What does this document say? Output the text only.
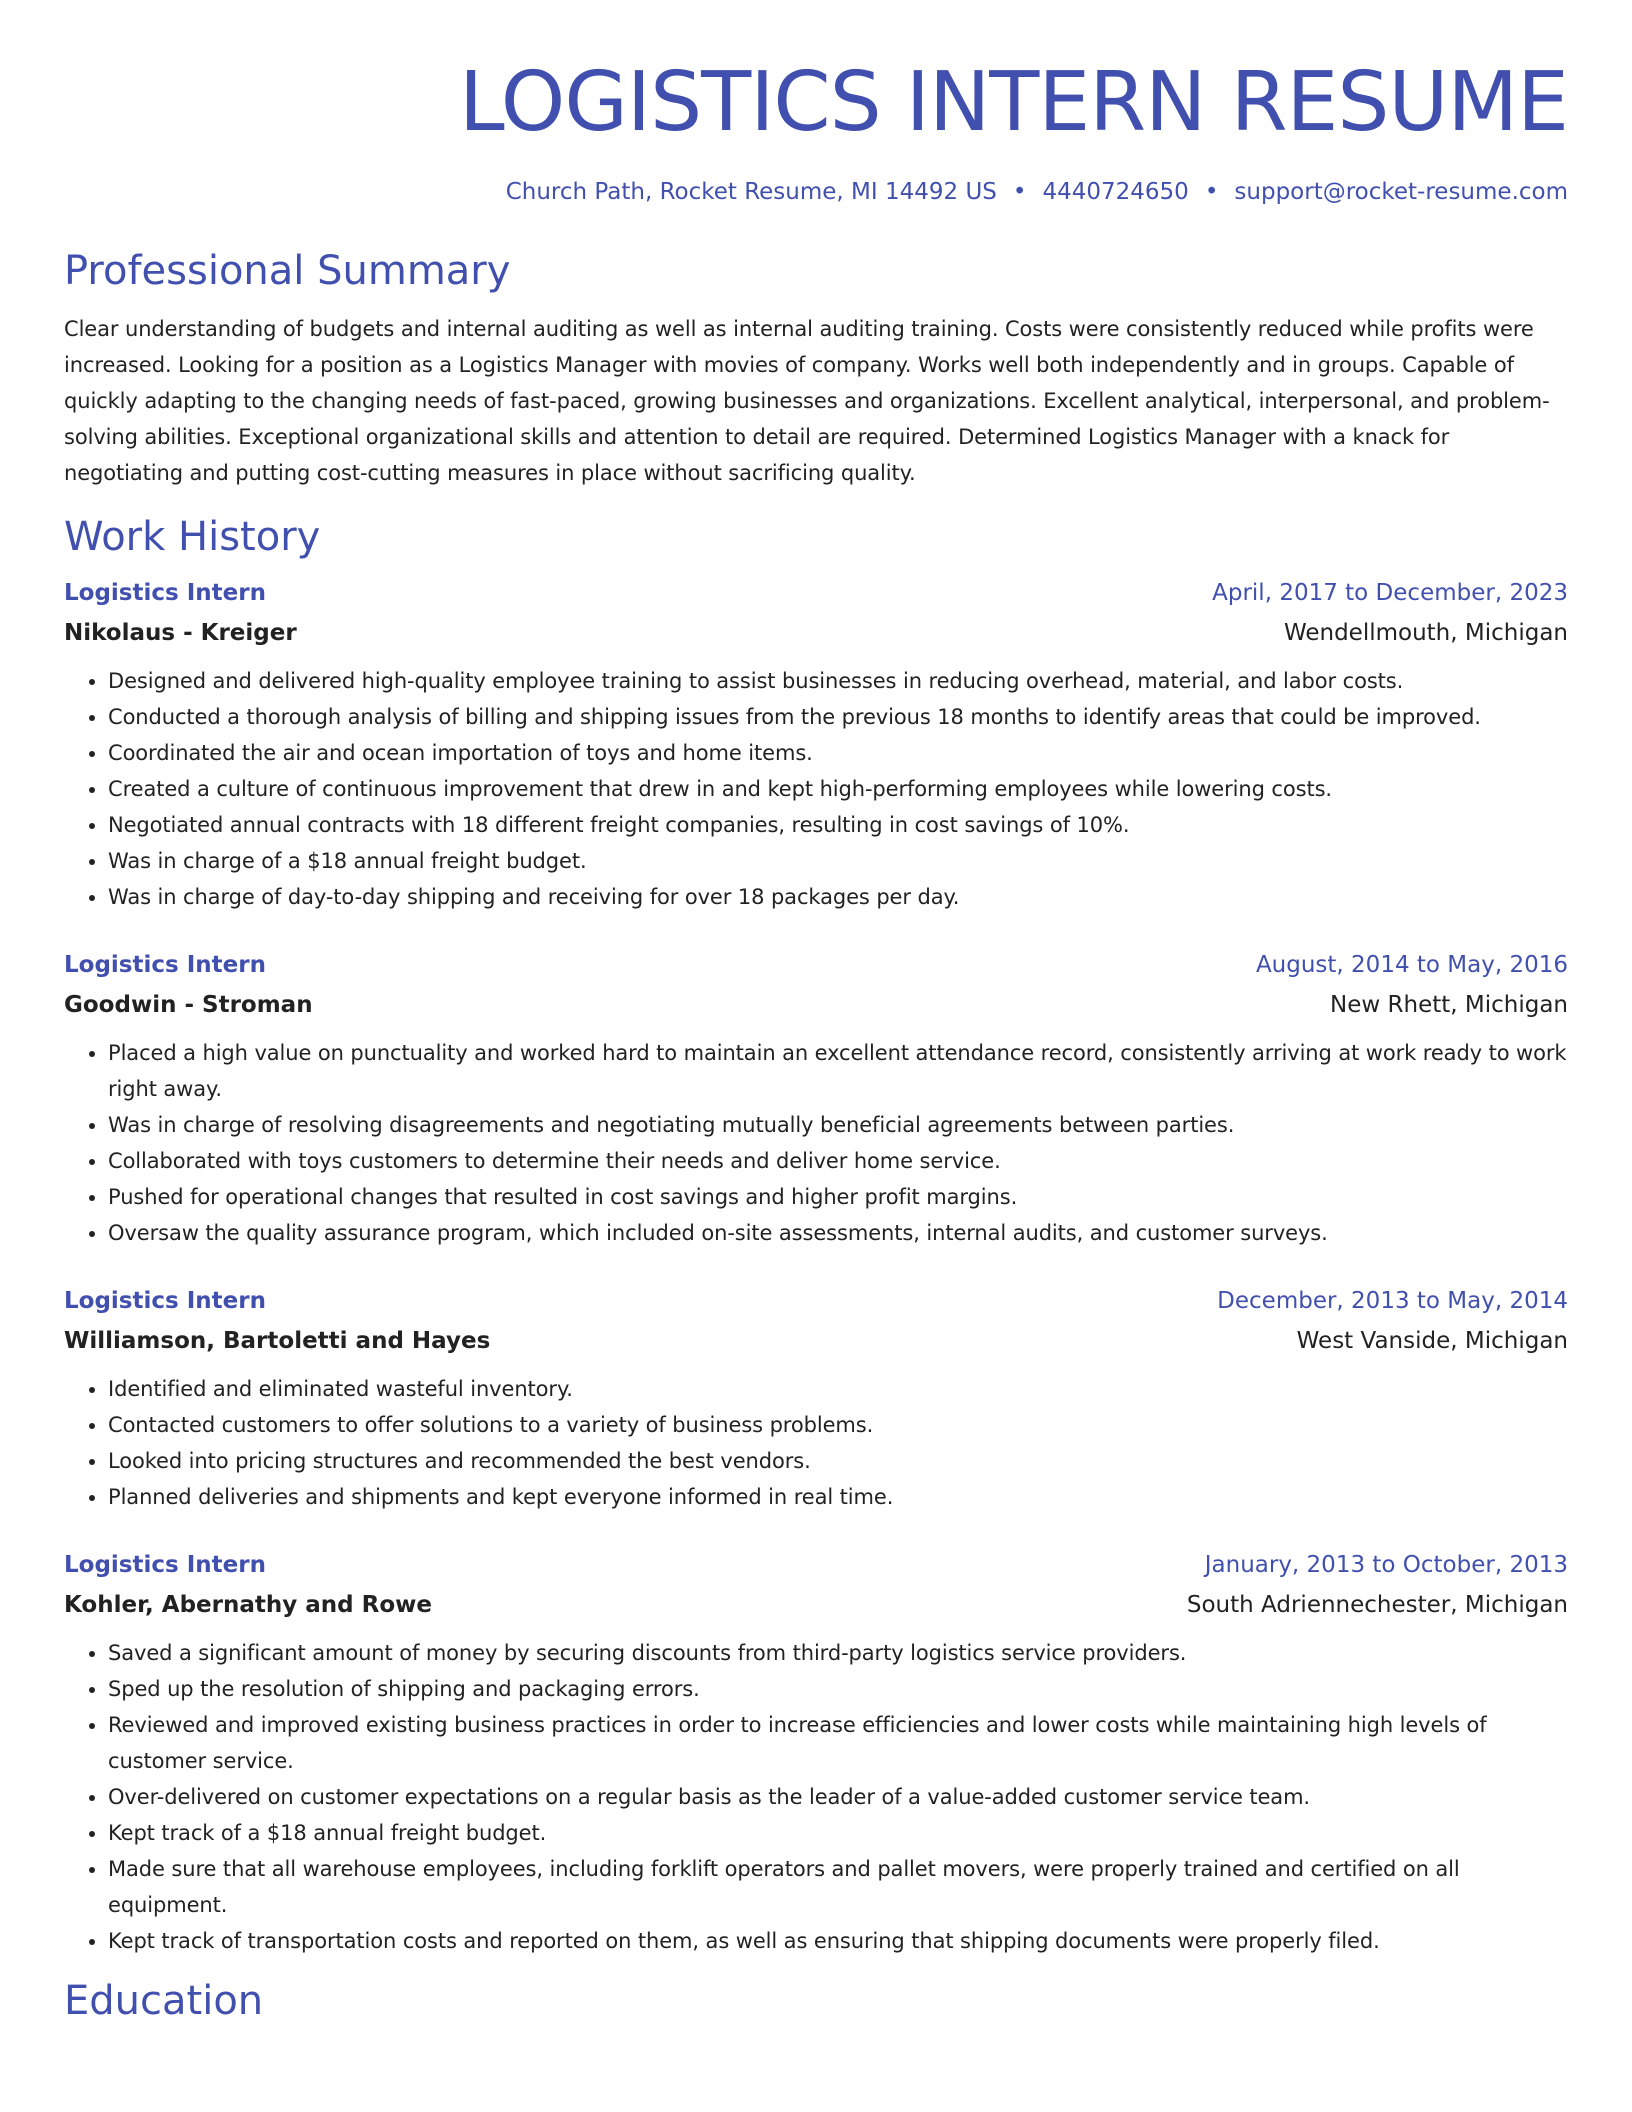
LOGISTICS INTERN RESUME
Church Path, Rocket Resume, MI 14492 US • 4440724650 • support@rocket-resume.com
Professional Summary
Clear understanding of budgets and internal auditing as well as internal auditing training. Costs were consistently reduced while profits were increased. Looking for a position as a Logistics Manager with movies of company. Works well both independently and in groups. Capable of quickly adapting to the changing needs of fast-paced, growing businesses and organizations. Excellent analytical, interpersonal, and problem-solving abilities. Exceptional organizational skills and attention to detail are required. Determined Logistics Manager with a knack for negotiating and putting cost-cutting measures in place without sacrificing quality.
Work History
Logistics Intern	April, 2017 to December, 2023
Nikolaus - Kreiger	Wendellmouth, Michigan
• Designed and delivered high-quality employee training to assist businesses in reducing overhead, material, and labor costs.
• Conducted a thorough analysis of billing and shipping issues from the previous 18 months to identify areas that could be improved.
• Coordinated the air and ocean importation of toys and home items.
• Created a culture of continuous improvement that drew in and kept high-performing employees while lowering costs.
• Negotiated annual contracts with 18 different freight companies, resulting in cost savings of 10%.
• Was in charge of a $18 annual freight budget.
• Was in charge of day-to-day shipping and receiving for over 18 packages per day.
Logistics Intern	August, 2014 to May, 2016
Goodwin - Stroman	New Rhett, Michigan
• Placed a high value on punctuality and worked hard to maintain an excellent attendance record, consistently arriving at work ready to work right away.
• Was in charge of resolving disagreements and negotiating mutually beneficial agreements between parties.
• Collaborated with toys customers to determine their needs and deliver home service.
• Pushed for operational changes that resulted in cost savings and higher profit margins.
• Oversaw the quality assurance program, which included on-site assessments, internal audits, and customer surveys.
Logistics Intern	December, 2013 to May, 2014
Williamson, Bartoletti and Hayes	West Vanside, Michigan
• Identified and eliminated wasteful inventory.
• Contacted customers to offer solutions to a variety of business problems.
• Looked into pricing structures and recommended the best vendors.
• Planned deliveries and shipments and kept everyone informed in real time.
Logistics Intern	January, 2013 to October, 2013
Kohler, Abernathy and Rowe	South Adriennechester, Michigan
• Saved a significant amount of money by securing discounts from third-party logistics service providers.
• Sped up the resolution of shipping and packaging errors.
• Reviewed and improved existing business practices in order to increase efficiencies and lower costs while maintaining high levels of customer service.
• Over-delivered on customer expectations on a regular basis as the leader of a value-added customer service team.
• Kept track of a $18 annual freight budget.
• Made sure that all warehouse employees, including forklift operators and pallet movers, were properly trained and certified on all equipment.
• Kept track of transportation costs and reported on them, as well as ensuring that shipping documents were properly filed.
Education
